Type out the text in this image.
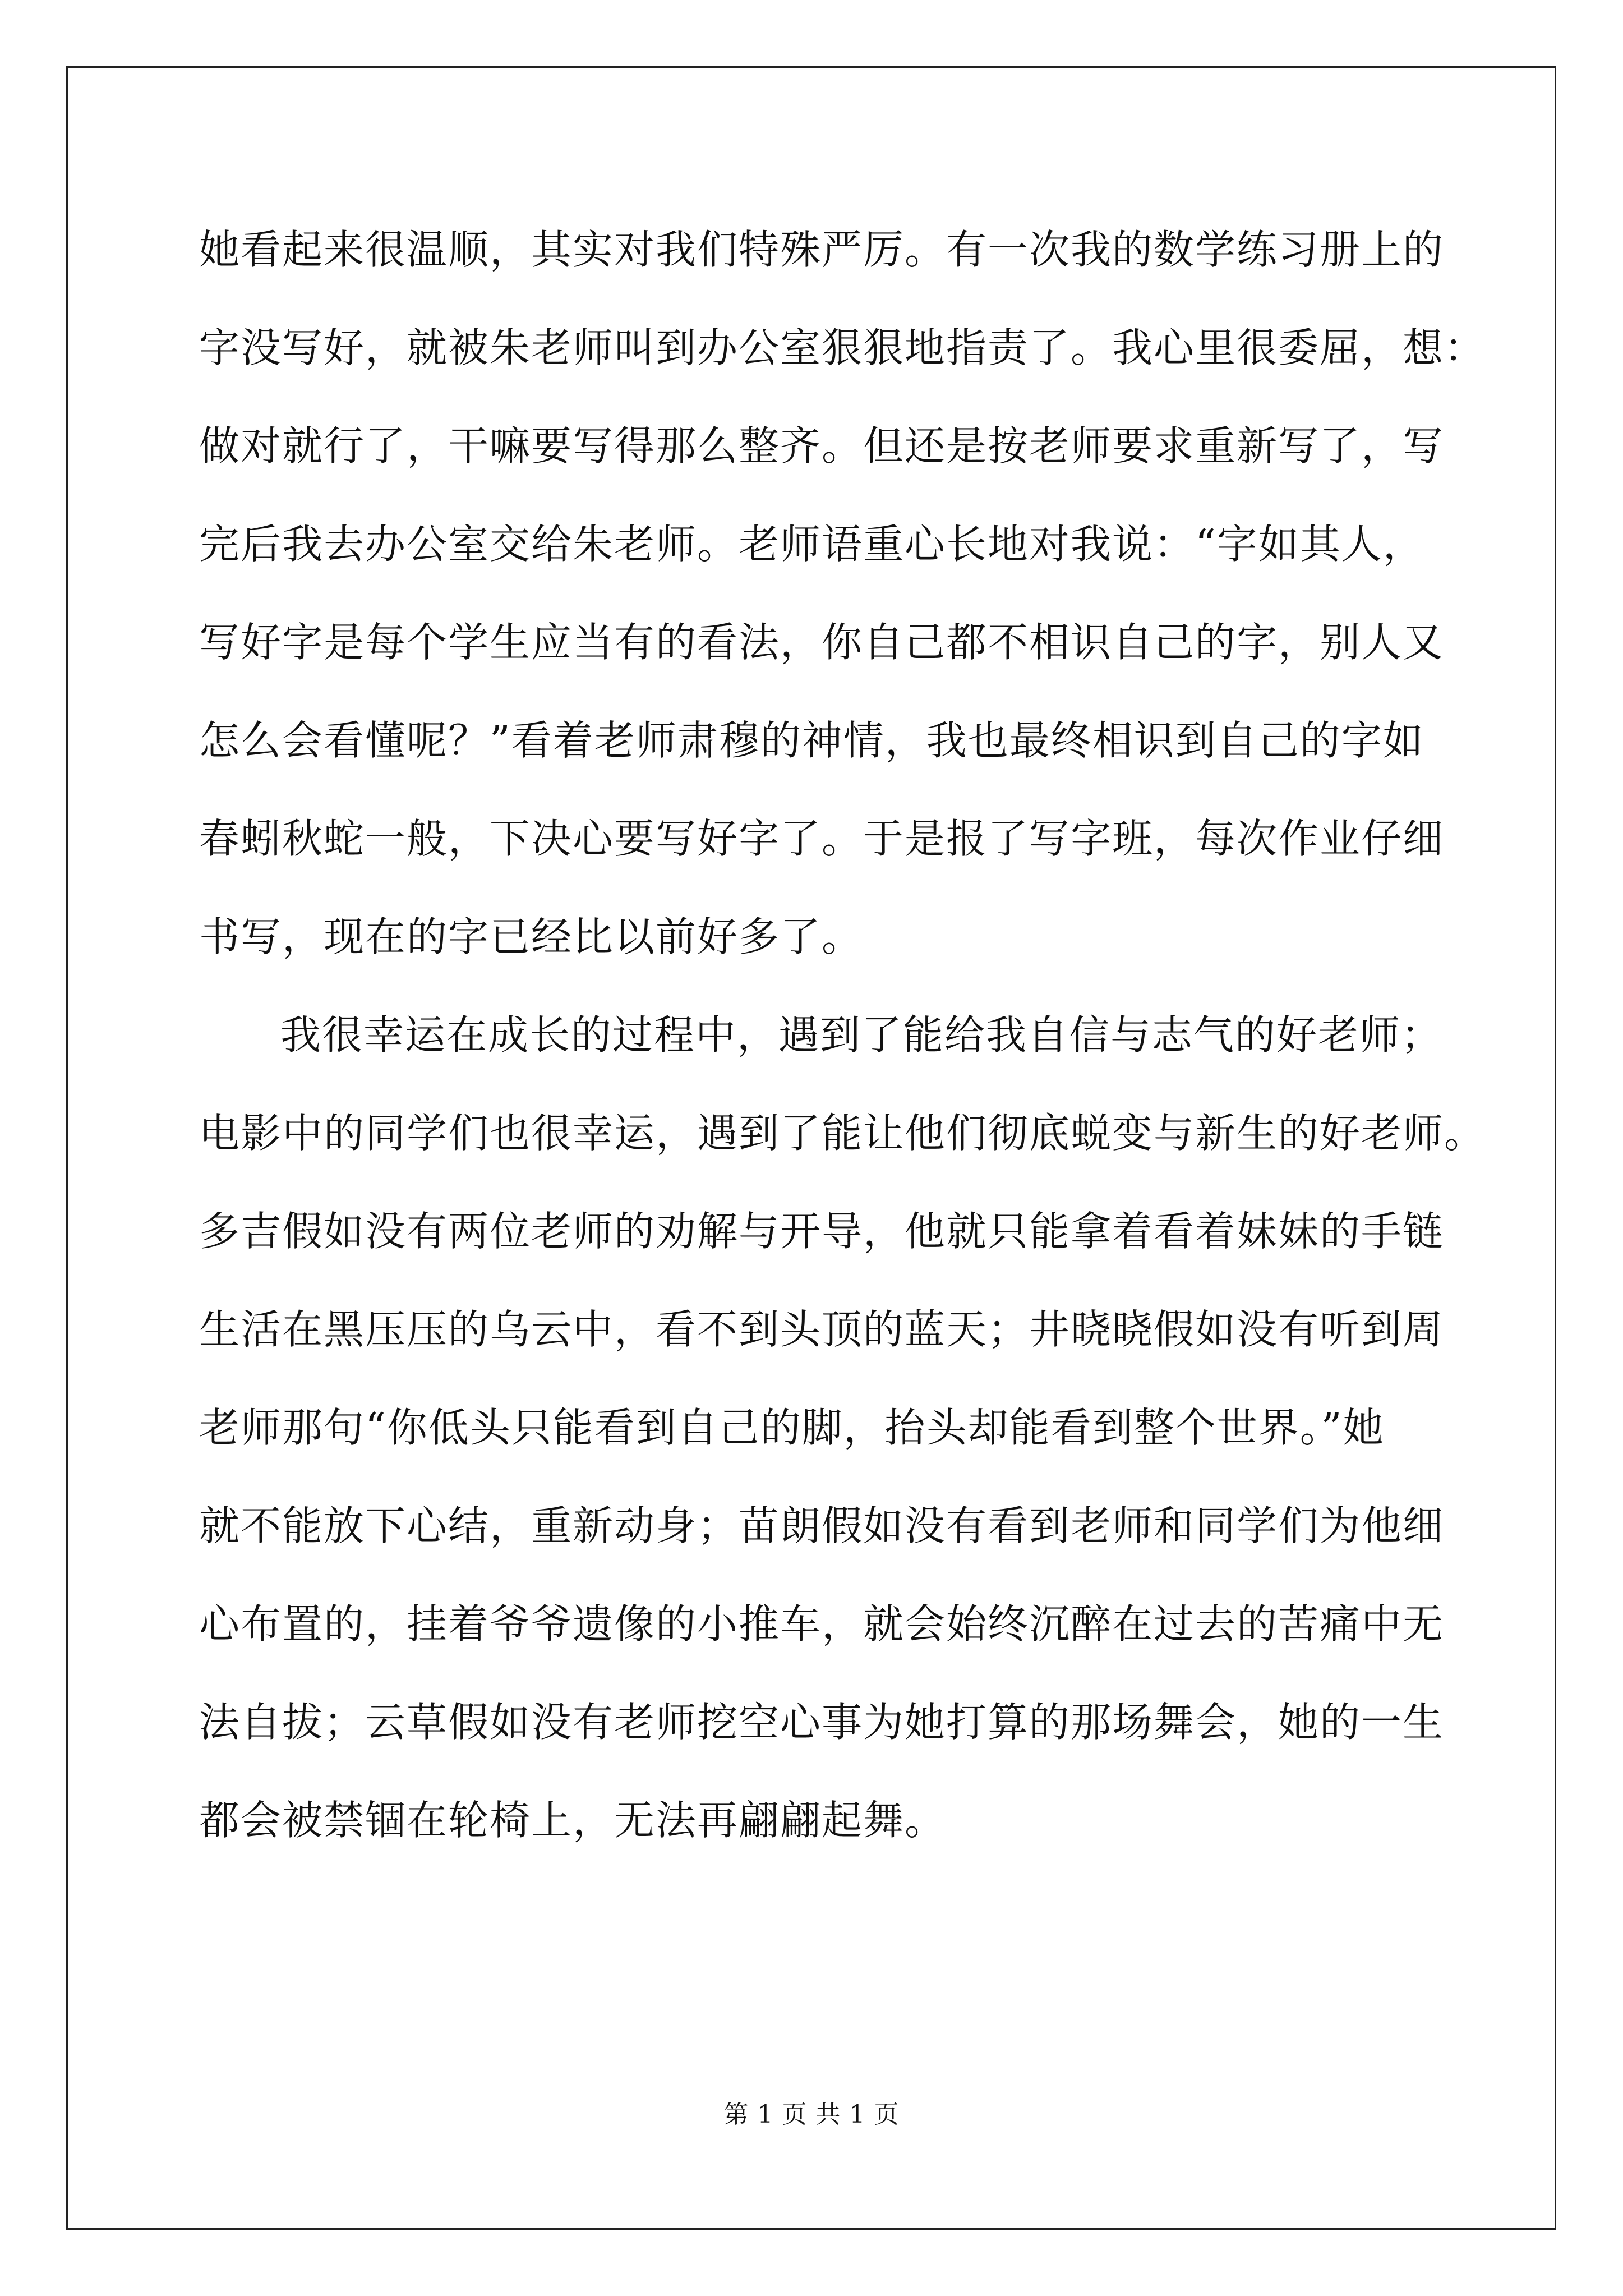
她看起来很温顺，其实对我们特殊严厉。有一次我的数学练习册上的
字没写好，就被朱老师叫到办公室狠狠地指责了。我心里很委屈，想：
做对就行了，干嘛要写得那么整齐。但还是按老师要求重新写了，写
完后我去办公室交给朱老师。老师语重心长地对我说：“字如其人，
写好字是每个学生应当有的看法，你自己都不相识自己的字，别人又
怎么会看懂呢？”看着老师肃穆的神情，我也最终相识到自己的字如
春蚓秋蛇一般，下决心要写好字了。于是报了写字班，每次作业仔细
书写，现在的字已经比以前好多了。
我很幸运在成长的过程中，遇到了能给我自信与志气的好老师；
电影中的同学们也很幸运，遇到了能让他们彻底蜕变与新生的好老师。
多吉假如没有两位老师的劝解与开导，他就只能拿着看着妹妹的手链
生活在黑压压的乌云中，看不到头顶的蓝天；井晓晓假如没有听到周
老师那句“你低头只能看到自己的脚，抬头却能看到整个世界。”她
就不能放下心结，重新动身；苗朗假如没有看到老师和同学们为他细
心布置的，挂着爷爷遗像的小推车，就会始终沉醉在过去的苦痛中无
法自拔；云草假如没有老师挖空心事为她打算的那场舞会，她的一生
都会被禁锢在轮椅上，无法再翩翩起舞。
第 1 页 共 1 页
